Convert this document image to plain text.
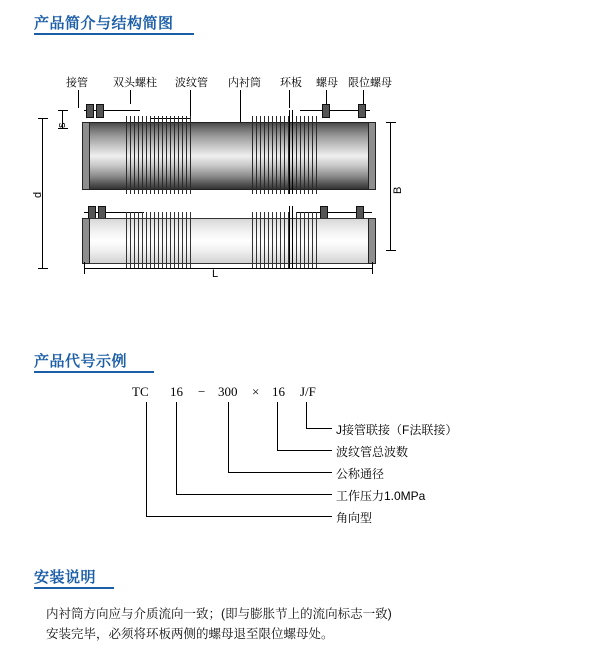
产品简介与结构简图
接管 双头螺柱 波纹管 内衬筒 环板 螺母 限位螺母
s
d
B
L
产品代号示例
TC 16 − 300 × 16 J/F
J接管联接（F法联接）
波纹管总波数
公称通径
工作压力1.0MPa
角向型
安装说明
内衬筒方向应与介质流向一致；(即与膨胀节上的流向标志一致)
安装完毕，必须将环板两侧的螺母退至限位螺母处。
